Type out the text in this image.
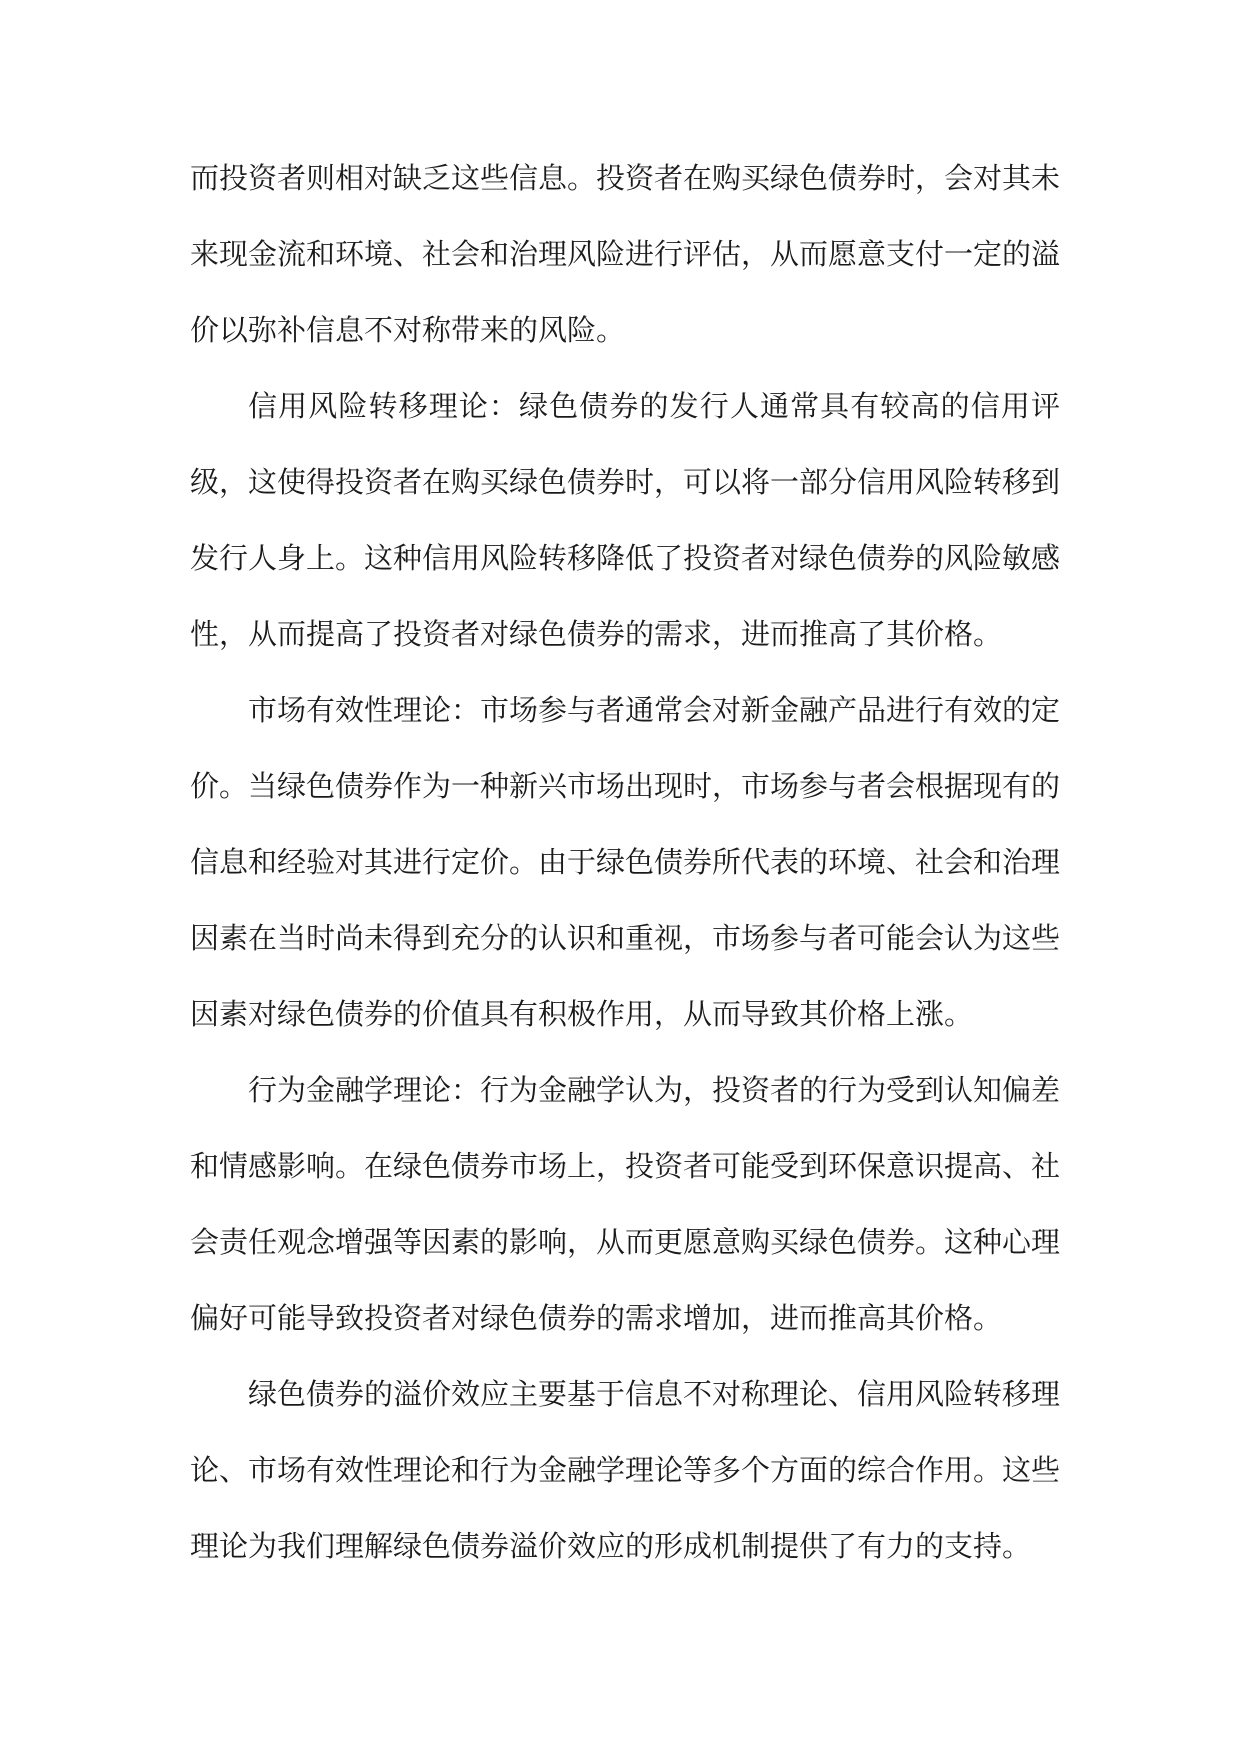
而投资者则相对缺乏这些信息。投资者在购买绿色债券时，会对其未来现金流和环境、社会和治理风险进行评估，从而愿意支付一定的溢价以弥补信息不对称带来的风险。

信用风险转移理论：绿色债券的发行人通常具有较高的信用评级，这使得投资者在购买绿色债券时，可以将一部分信用风险转移到发行人身上。这种信用风险转移降低了投资者对绿色债券的风险敏感性，从而提高了投资者对绿色债券的需求，进而推高了其价格。

市场有效性理论：市场参与者通常会对新金融产品进行有效的定价。当绿色债券作为一种新兴市场出现时，市场参与者会根据现有的信息和经验对其进行定价。由于绿色债券所代表的环境、社会和治理因素在当时尚未得到充分的认识和重视，市场参与者可能会认为这些因素对绿色债券的价值具有积极作用，从而导致其价格上涨。

行为金融学理论：行为金融学认为，投资者的行为受到认知偏差和情感影响。在绿色债券市场上，投资者可能受到环保意识提高、社会责任观念增强等因素的影响，从而更愿意购买绿色债券。这种心理偏好可能导致投资者对绿色债券的需求增加，进而推高其价格。

绿色债券的溢价效应主要基于信息不对称理论、信用风险转移理论、市场有效性理论和行为金融学理论等多个方面的综合作用。这些理论为我们理解绿色债券溢价效应的形成机制提供了有力的支持。
